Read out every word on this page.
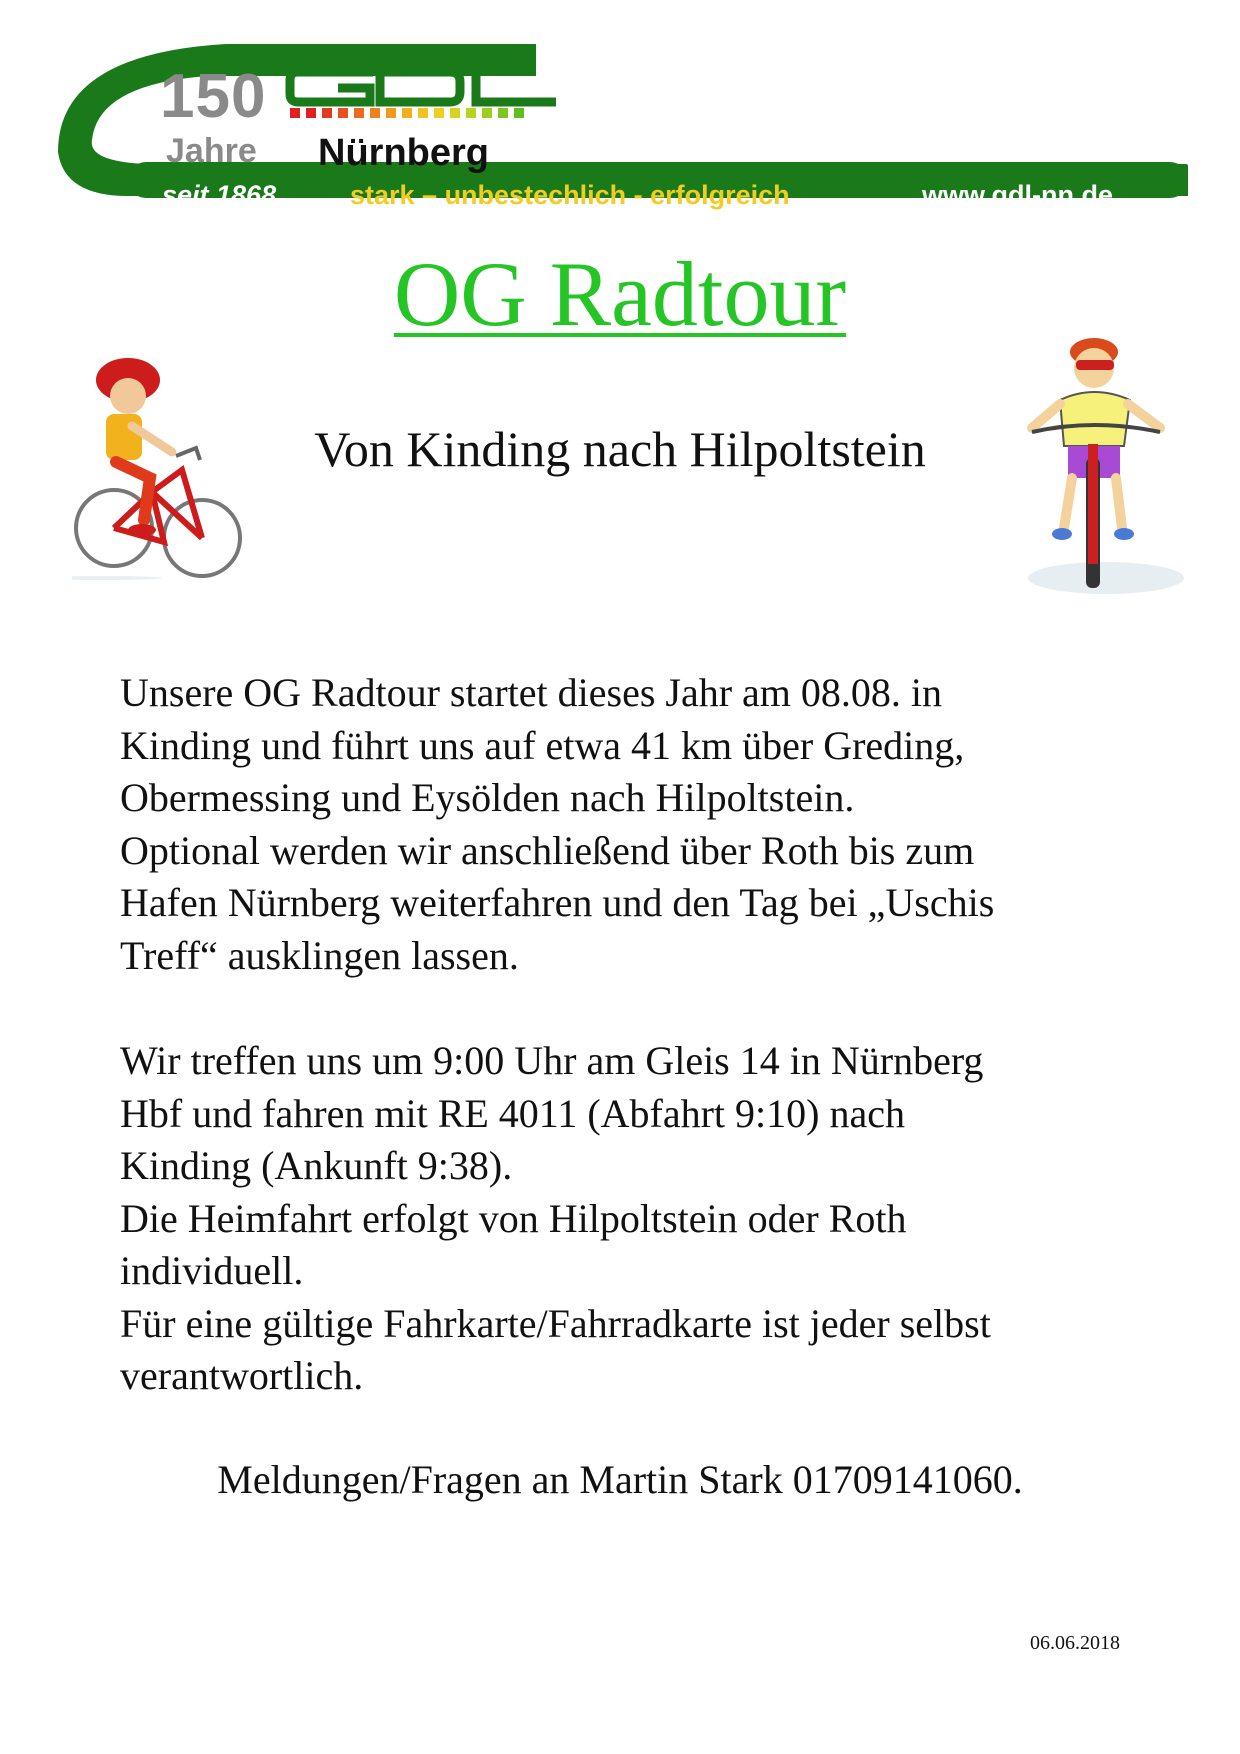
150
Jahre Nürnberg
seit 1868	stark – unbestechlich - erfolgreich	www.gdl-nn.de
OG Radtour
Von Kinding nach Hilpoltstein

Unsere OG Radtour startet dieses Jahr am 08.08. in

Kinding und führt uns auf etwa 41 km über Greding,

Obermessing und Eysölden nach Hilpoltstein.

Optional werden wir anschließend über Roth bis zum

Hafen Nürnberg weiterfahren und den Tag bei „Uschis

Treff“ ausklingen lassen.

Wir treffen uns um 9:00 Uhr am Gleis 14 in Nürnberg

Hbf und fahren mit RE 4011 (Abfahrt 9:10) nach

Kinding (Ankunft 9:38).

Die Heimfahrt erfolgt von Hilpoltstein oder Roth

individuell.

Für eine gültige Fahrkarte/Fahrradkarte ist jeder selbst

verantwortlich.

Meldungen/Fragen an Martin Stark 01709141060.
06.06.2018
